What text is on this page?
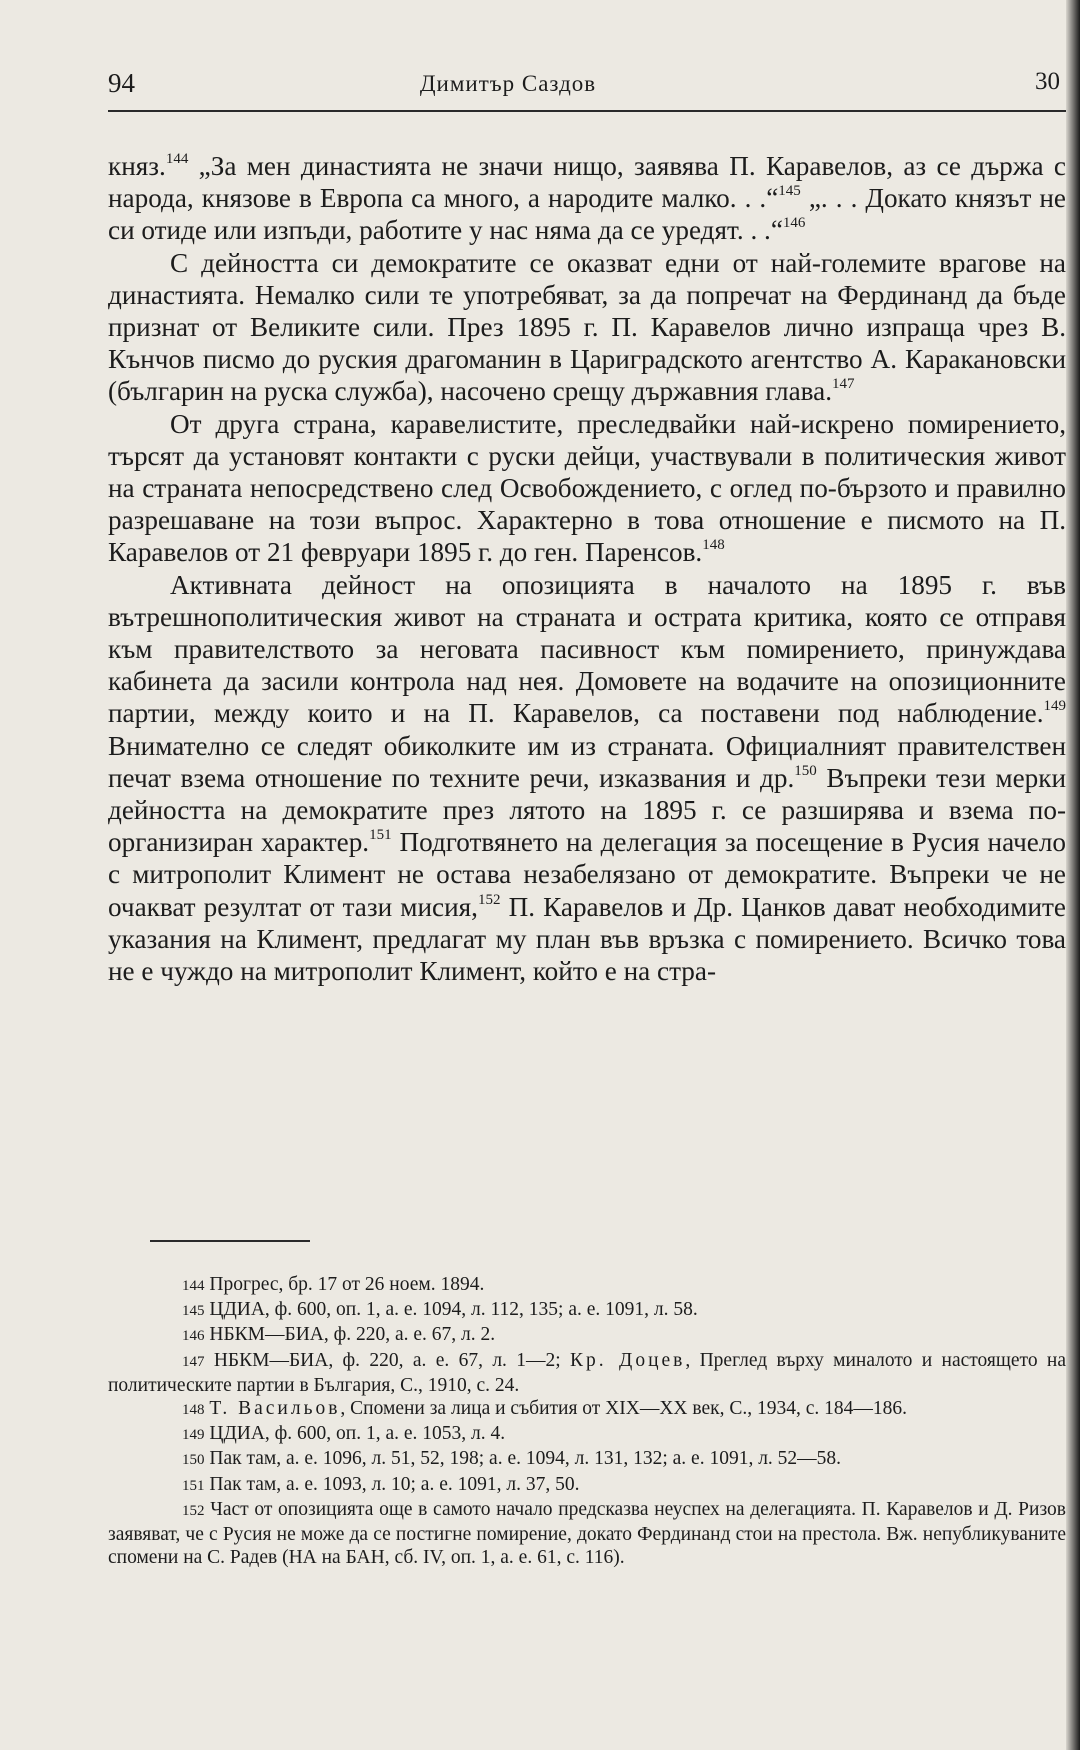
94	Димитър Саздов	30

княз.$^{144}$ „За мен династията не значи нищо, заявява П. Каравелов, аз се държа с народа, князове в Европа са много, а народите малко. . .“$^{145}$ „. . . Докато князът не си отиде или изпъди, работите у нас няма да се уредят. . .“$^{146}$

С дейността си демократите се оказват едни от най-големите врагове на династията. Немалко сили те употребяват, за да попречат на Фердинанд да бъде признат от Великите сили. През 1895 г. П. Каравелов лично изпраща чрез В. Кънчов писмо до руския драгоманин в Цариградското агентство А. Каракановски (българин на руска служба), насочено срещу държавния глава.$^{147}$

От друга страна, каравелистите, преследвайки най-искрено помирението, търсят да установят контакти с руски дейци, участвували в политическия живот на страната непосредствено след Освобождението, с оглед по-бързото и правилно разрешаване на този въпрос. Характерно в това отношение е писмото на П. Каравелов от 21 февруари 1895 г. до ген. Паренсов.$^{148}$

Активната дейност на опозицията в началото на 1895 г. във вътрешнополитическия живот на страната и острата критика, която се отправя към правителството за неговата пасивност към помирението, принуждава кабинета да засили контрола над нея. Домовете на водачите на опозиционните партии, между които и на П. Каравелов, са поставени под наблюдение.$^{149}$ Внимателно се следят обиколките им из страната. Официалният правителствен печат взема отношение по техните речи, изказвания и др.$^{150}$ Въпреки тези мерки дейността на демократите през лятото на 1895 г. се разширява и взема по-организиран характер.$^{151}$ Подготвянето на делегация за посещение в Русия начело с митрополит Климент не остава незабелязано от демократите. Въпреки че не очакват резултат от тази мисия,$^{152}$ П. Каравелов и Др. Цанков дават необходимите указания на Климент, предлагат му план във връзка с помирението. Всичко това не е чуждо на митрополит Климент, който е на стра-

144 Прогрес, бр. 17 от 26 ноем. 1894.

145 ЦДИА, ф. 600, оп. 1, а. е. 1094, л. 112, 135; а. е. 1091, л. 58.

146 НБКМ—БИА, ф. 220, а. е. 67, л. 2.

147 НБКМ—БИА, ф. 220, а. е. 67, л. 1—2; Кр. Доцев, Преглед върху миналото и настоящето на политическите партии в България, С., 1910, с. 24.

148 Т. Васильов, Спомени за лица и събития от XIX—XX век, С., 1934, с. 184—186.

149 ЦДИА, ф. 600, оп. 1, а. е. 1053, л. 4.

150 Пак там, а. е. 1096, л. 51, 52, 198; а. е. 1094, л. 131, 132; а. е. 1091, л. 52—58.

151 Пак там, а. е. 1093, л. 10; а. е. 1091, л. 37, 50.

152 Част от опозицията още в самото начало предсказва неуспех на делегацията. П. Каравелов и Д. Ризов заявяват, че с Русия не може да се постигне помирение, докато Фердинанд стои на престола. Вж. непубликуваните спомени на С. Радев (НА на БАН, сб. IV, оп. 1, а. е. 61, с. 116).
